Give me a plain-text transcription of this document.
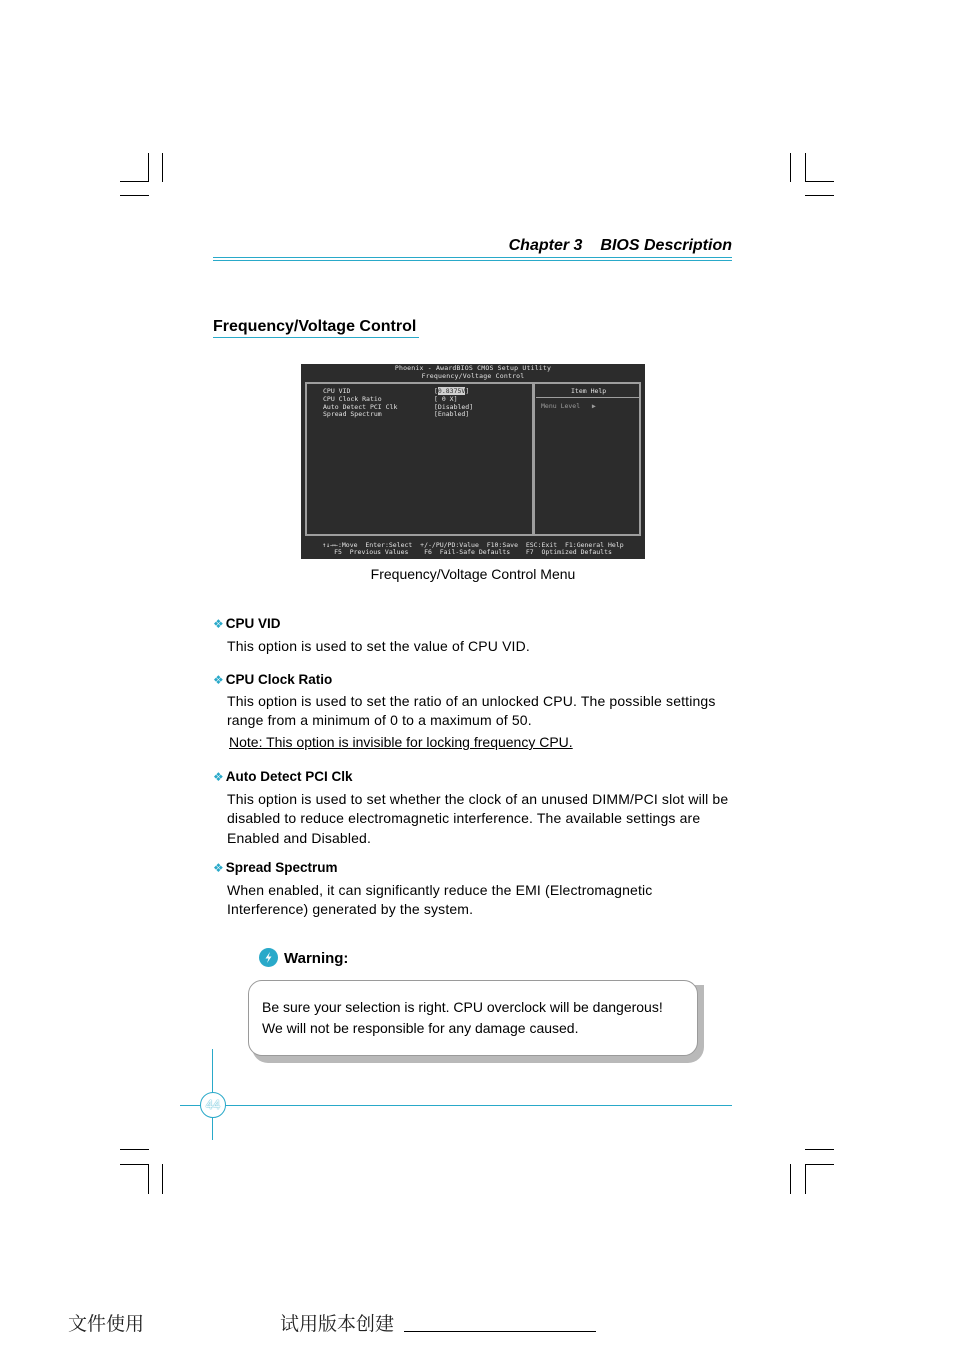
Chapter 3 BIOS Description
Frequency/Voltage Control
Phoenix - AwardBIOS CMOS Setup Utility
Frequency/Voltage Control
CPU VID
CPU Clock Ratio
Auto Detect PCI Clk
Spread Spectrum
[0.8375V]
[ 0 X]
[Disabled]
[Enabled]
Item Help
Menu Level   ▶
↑↓→←:Move  Enter:Select  +/-/PU/PD:Value  F10:Save  ESC:Exit  F1:General Help
F5  Previous Values    F6  Fail-Safe Defaults    F7  Optimized Defaults
Frequency/Voltage Control Menu
❖ CPU VID
This option is used to set the value of CPU VID.
❖ CPU Clock Ratio
This option is used to set the ratio of an unlocked CPU. The possible settings range from a minimum of 0 to a maximum of 50.
Note: This option is invisible for locking frequency CPU.
❖ Auto Detect PCI Clk
This option is used to set whether the clock of an unused DIMM/PCI slot will be disabled to reduce electromagnetic interference. The available settings are Enabled and Disabled.
❖ Spread Spectrum
When enabled, it can significantly reduce the EMI (Electromagnetic Interference) generated by the system.
Warning:
Be sure your selection is right. CPU overclock will be dangerous!
We will not be responsible for any damage caused.
44
文件使用	试用版本创建
